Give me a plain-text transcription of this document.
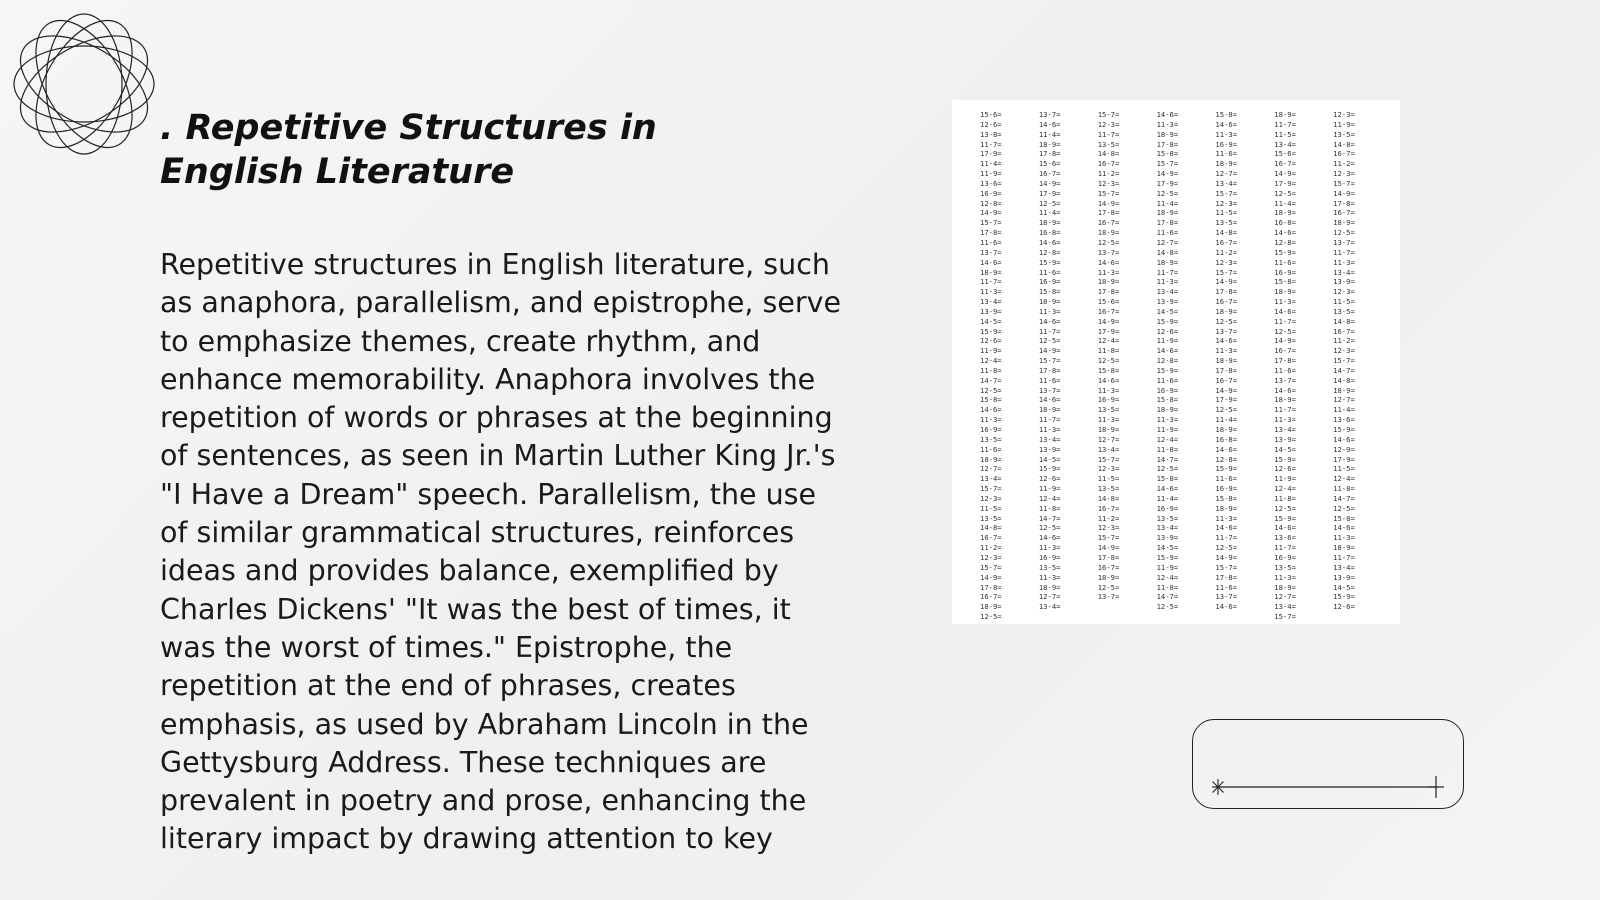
. Repetitive Structures in English Literature

Repetitive structures in English literature, such as anaphora, parallelism, and epistrophe, serve to emphasize themes, create rhythm, and enhance memorability. Anaphora involves the repetition of words or phrases at the beginning of sentences, as seen in Martin Luther King Jr.'s "I Have a Dream" speech. Parallelism, the use of similar grammatical structures, reinforces ideas and provides balance, exemplified by Charles Dickens' "It was the best of times, it was the worst of times." Epistrophe, the repetition at the end of phrases, creates emphasis, as used by Abraham Lincoln in the Gettysburg Address. These techniques are prevalent in poetry and prose, enhancing the literary impact by drawing attention to key

15-6=
12-6=
13-8=
11-7=
17-9=
11-4=
11-9=
13-6=
16-9=
12-8=
14-9=
15-7=
17-8=
11-6=
13-7=
14-6=
18-9=
11-7=
11-3=
13-4=
13-9=
14-5=
15-9=
12-6=
11-9=
12-4=
11-8=
14-7=
12-5=
15-8=
14-6=
11-3=
16-9=
13-5=
11-6=
18-9=
12-7=
13-4=
15-7=
12-3=
11-5=
13-5=
14-8=
16-7=
11-2=
12-3=
15-7=
14-9=
17-8=
16-7=
18-9=
12-5=
13-7=
14-6=
11-4=
18-9=
17-8=
15-6=
16-7=
14-9=
17-9=
12-5=
11-4=
18-9=
16-8=
14-6=
12-8=
15-9=
11-6=
16-9=
15-8=
18-9=
11-3=
14-6=
11-7=
12-5=
14-9=
15-7=
17-8=
11-6=
13-7=
14-6=
18-9=
11-7=
11-3=
13-4=
13-9=
14-5=
15-9=
12-6=
11-9=
12-4=
11-8=
14-7=
12-5=
14-6=
11-3=
16-9=
13-5=
11-3=
18-9=
12-7=
13-4=
15-7=
12-3=
11-7=
13-5=
14-8=
16-7=
11-2=
12-3=
15-7=
14-9=
17-8=
16-7=
18-9=
12-5=
13-7=
14-6=
11-3=
18-9=
17-8=
15-6=
16-7=
14-9=
17-9=
12-4=
11-8=
12-5=
15-8=
14-6=
11-3=
16-9=
13-5=
11-3=
18-9=
12-7=
13-4=
15-7=
12-3=
11-5=
13-5=
14-8=
16-7=
11-2=
12-3=
15-7=
14-9=
17-8=
16-7=
18-9=
12-5=
13-7=
14-6=
11-3=
18-9=
17-8=
15-8=
15-7=
14-9=
17-9=
12-5=
11-4=
18-9=
17-8=
11-6=
12-7=
14-8=
18-9=
11-7=
11-3=
13-4=
13-9=
14-5=
15-9=
12-6=
11-9=
14-6=
12-8=
15-9=
11-6=
16-9=
15-8=
18-9=
11-3=
11-9=
12-4=
11-8=
14-7=
12-5=
15-8=
14-6=
11-4=
16-9=
13-5=
13-4=
13-9=
14-5=
15-9=
11-9=
12-4=
11-8=
14-7=
12-5=
15-8=
14-6=
11-3=
16-9=
11-6=
18-9=
12-7=
13-4=
15-7=
12-3=
11-5=
13-5=
14-8=
16-7=
11-2=
12-3=
15-7=
14-9=
17-8=
16-7=
18-9=
12-5=
13-7=
14-6=
11-3=
18-9=
17-8=
16-7=
14-9=
17-9=
12-5=
11-4=
18-9=
16-8=
14-6=
12-8=
15-9=
11-6=
16-9=
15-8=
18-9=
11-3=
14-6=
11-7=
12-5=
14-9=
15-7=
17-8=
11-6=
13-7=
14-6=
18-9=
11-7=
11-5=
13-4=
15-6=
16-7=
14-9=
17-9=
12-5=
11-4=
18-9=
16-8=
14-6=
12-8=
15-9=
11-6=
16-9=
15-8=
18-9=
11-3=
14-6=
11-7=
12-5=
14-9=
16-7=
17-8=
11-6=
13-7=
14-6=
18-9=
11-7=
11-3=
13-4=
13-9=
14-5=
15-9=
12-6=
11-9=
12-4=
11-8=
12-5=
15-9=
14-6=
13-6=
11-7=
16-9=
13-5=
11-3=
18-9=
12-7=
13-4=
15-7=
12-3=
11-9=
13-5=
14-8=
16-7=
11-2=
12-3=
15-7=
14-9=
17-8=
16-7=
18-9=
12-5=
13-7=
11-7=
11-3=
13-4=
13-9=
12-3=
11-5=
13-5=
14-8=
16-7=
11-2=
12-3=
15-7=
14-7=
14-8=
18-9=
12-7=
11-4=
13-6=
15-9=
14-6=
12-9=
17-9=
11-5=
12-4=
11-8=
14-7=
12-5=
15-8=
14-6=
11-3=
18-9=
11-7=
13-4=
13-9=
14-5=
15-9=
12-6=
